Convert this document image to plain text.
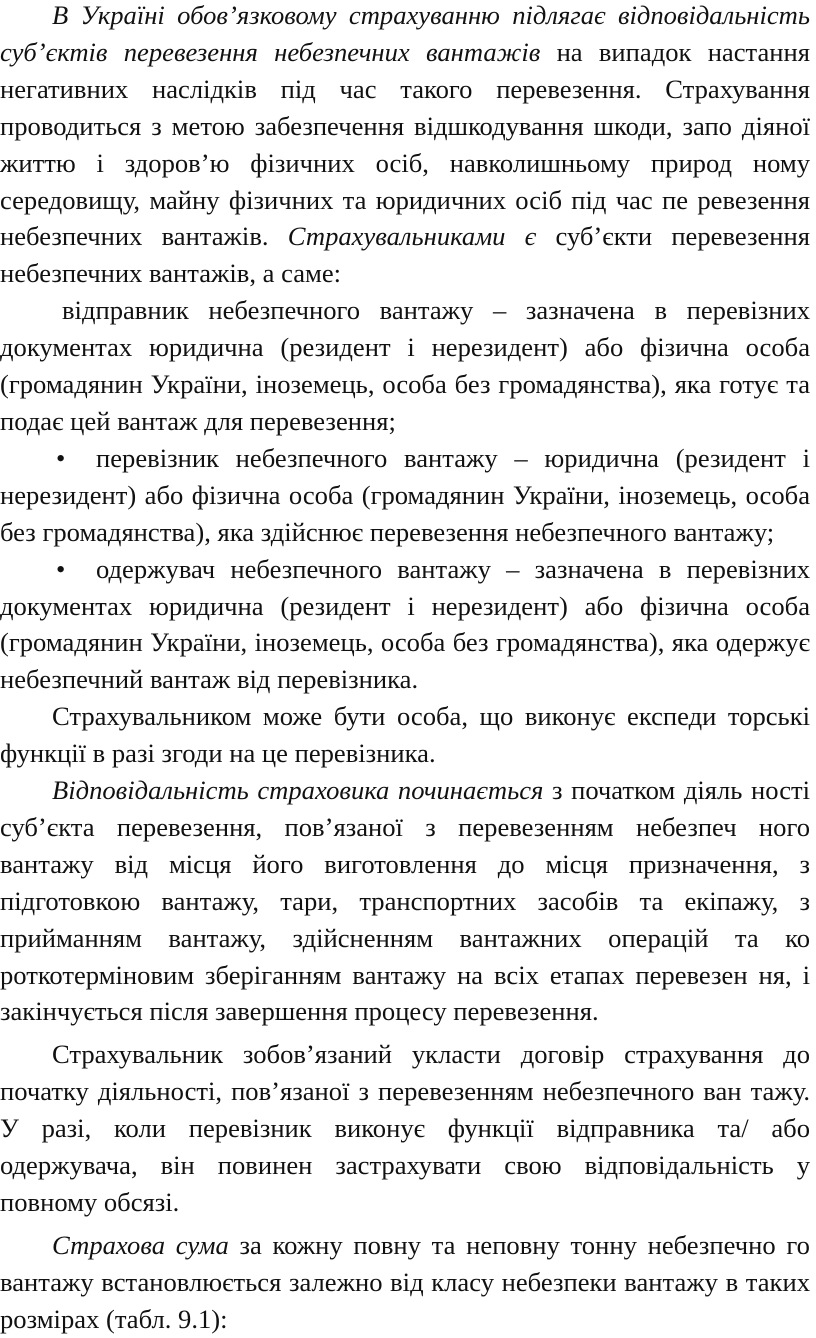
В Україні обов’язковому страхуванню підлягає відповідальність суб’єктів перевезення небезпечних вантажів на випадок настання негативних наслідків під час такого перевезення. Страхування проводиться з метою забезпечення відшкодування шкоди, запо діяної життю і здоров’ю фізичних осіб, навколишньому природ ному середовищу, майну фізичних та юридичних осіб під час пе ревезення небезпечних вантажів. Страхувальниками є суб’єкти перевезення небезпечних вантажів, а саме:

відправник небезпечного вантажу – зазначена в перевізних документах юридична (резидент і нерезидент) або фізична особа (громадянин України, іноземець, особа без громадянства), яка готує та подає цей вантаж для перевезення;

• перевізник небезпечного вантажу – юридична (резидент і нерезидент) або фізична особа (громадянин України, іноземець, особа без громадянства), яка здійснює перевезення небезпечного вантажу;

• одержувач небезпечного вантажу – зазначена в перевізних документах юридична (резидент і нерезидент) або фізична особа (громадянин України, іноземець, особа без громадянства), яка одержує небезпечний вантаж від перевізника.

Страхувальником може бути особа, що виконує експеди торські функції в разі згоди на це перевізника.

Відповідальність страховика починається з початком діяль ності суб’єкта перевезення, пов’язаної з перевезенням небезпеч ного вантажу від місця його виготовлення до місця призначення, з підготовкою вантажу, тари, транспортних засобів та екіпажу, з прийманням вантажу, здійсненням вантажних операцій та ко роткотерміновим зберіганням вантажу на всіх етапах перевезен ня, і закінчується після завершення процесу перевезення.

Страхувальник зобов’язаний укласти договір страхування до початку діяльності, пов’язаної з перевезенням небезпечного ван тажу. У разі, коли перевізник виконує функції відправника та/ або одержувача, він повинен застрахувати свою відповідальність у повному обсязі.

Страхова сума за кожну повну та неповну тонну небезпечно го вантажу встановлюється залежно від класу небезпеки вантажу в таких розмірах (табл. 9.1):
